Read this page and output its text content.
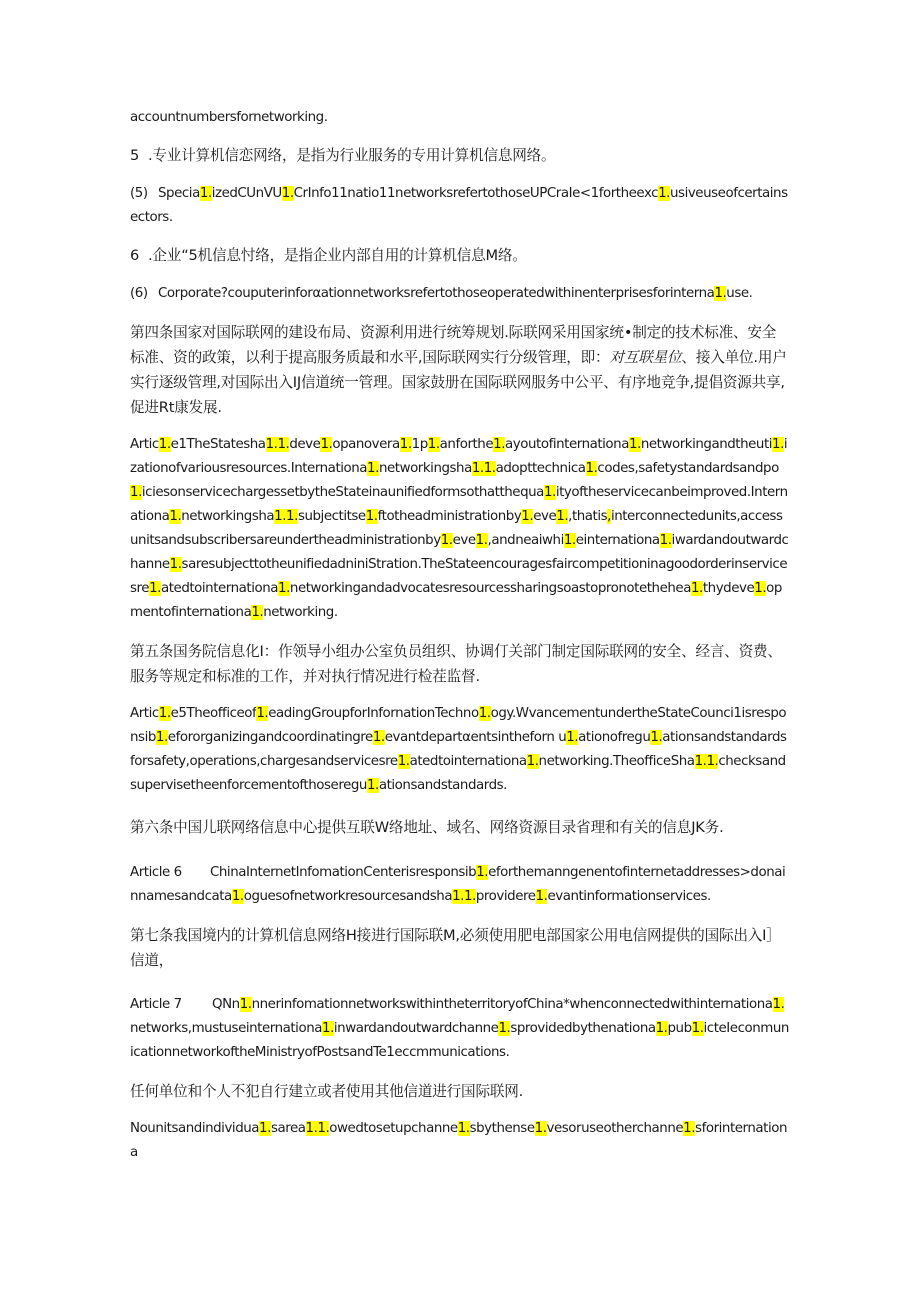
accountnumbersfornetworking.

5  .专业计算机信恋网络，是指为行业服务的专用计算机信息网络。

(5) Specia1.izedCUnVU1.CrInfo11natio11networksrefertothoseUPCraIe<1fortheexc1.usiveuseofcertainsectors.

6  .企业“5机信息忖络，是指企业内部自用的计算机信息M络。

(6) Corporate?couputerinforαationnetworksrefertothoseoperatedwithinenterprisesforinterna1.use.

第四条国家对国际联网的建设布局、资源利用进行统筹规划.际联网采用国家统•制定的技术标准、安全标准、资的政策，以利于提高服务质最和水平,国际联网实行分级管理，即：对互联星位、接入单位.用户实行逐级管理,对国际出入IJ信道统一管理。国家鼓册在国际联网服务中公平、有序地竞争,提倡资源共享,促进Rt康发展.

Artic1.e1TheStatesha1.1.deve1.opanovera1.1p1.anforthe1.ayoutofinternationa1.networkingandtheuti1.izationofvariousresources.Internationa1.networkingsha1.1.adopttechnica1.codes,safetystandardsandpo1.iciesonservicechargessetbytheStateinaunifiedformsothatthequa1.ityoftheservicecanbeimproved.Internationa1.networkingsha1.1.subjectitse1.ftotheadministrationby1.eve1.,thatis,interconnectedunits,accessunitsandsubscribersareundertheadministrationby1.eve1.,andneaiwhi1.einternationa1.iwardandoutwardchanne1.saresubjecttotheunifiedadniniStration.TheStateencouragesfaircompetitioninagoodorderinservicesre1.atedtointernationa1.networkingandadvocatesresourcessharingsoastopronotethehea1.thydeve1.opmentofinternationa1.networking.

第五条国务院信息化I：作领导小组办公室负员组织、协调仃关部门制定国际联网的安全、经言、资费、服务等规定和标准的工作，并对执行情况进行检茬监督.

Artic1.e5Theofficeof1.eadingGroupforInfornationTechno1.ogy.WvancementundertheStateCounci1isresponsib1.efororganizingandcoordinatingre1.evantdepartαentsintheforn u1.ationofregu1.ationsandstandardsforsafety,operations,chargesandservicesre1.atedtointernationa1.networking.TheofficeSha1.1.checksandsupervisetheenforcementofthoseregu1.ationsandstandards.

第六条中国儿联网络信息中心提供互联W络地址、域名、网络资源目录省理和有关的信息JK务.

Article 6 ChinaInternetInfomationCenterisresponsib1.eforthemanngenentofinternetaddresses>donainnamesandcata1.oguesofnetworkresourcesandsha1.1.providere1.evantinformationservices.

第七条我国境内的计算机信息网络H接进行国际联M,必须使用肥电部国家公用电信网提供的国际出入I］信道，

Article 7 QNn1.nnerinfomationnetworkswithintheterritoryofChina*whenconnectedwithinternationa1.networks,mustuseinternationa1.inwardandoutwardchanne1.sprovidedbythenationa1.pub1.icteIeconmunicationnetworkoftheMinistryofPostsandTe1eccmmunications.

任何单位和个人不犯自行建立或者使用其他信道进行国际联网.

Nounitsandindividua1.sarea1.1.owedtosetupchanne1.sbythense1.vesoruseotherchanne1.sforinternationa
